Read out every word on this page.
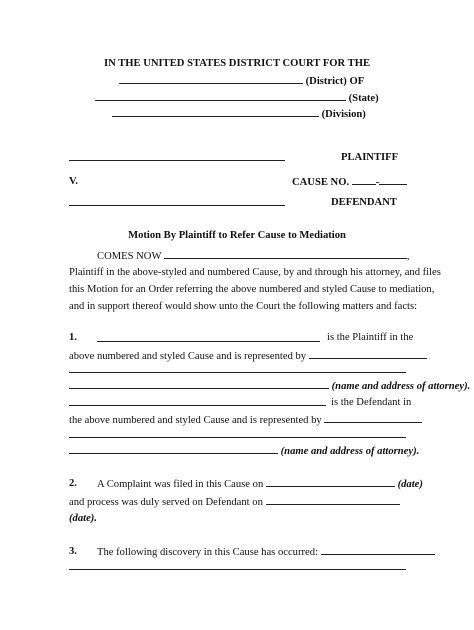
IN THE UNITED STATES DISTRICT COURT FOR THE
(District) OF
(State)
(Division)
PLAINTIFF
V.	CAUSE NO.	-
DEFENDANT
Motion By Plaintiff to Refer Cause to Mediation
COMES NOW	,
Plaintiff in the above-styled and numbered Cause, by and through his attorney, and files
this Motion for an Order referring the above numbered and styled Cause to mediation,
and in support thereof would show unto the Court the following matters and facts:
1.	is the Plaintiff in the
above numbered and styled Cause and is represented by
(name and address of attorney).
is the Defendant in
the above numbered and styled Cause and is represented by
(name and address of attorney).
2. A Complaint was filed in this Cause on	(date)
and process was duly served on Defendant on
(date).
3. The following discovery in this Cause has occurred:
